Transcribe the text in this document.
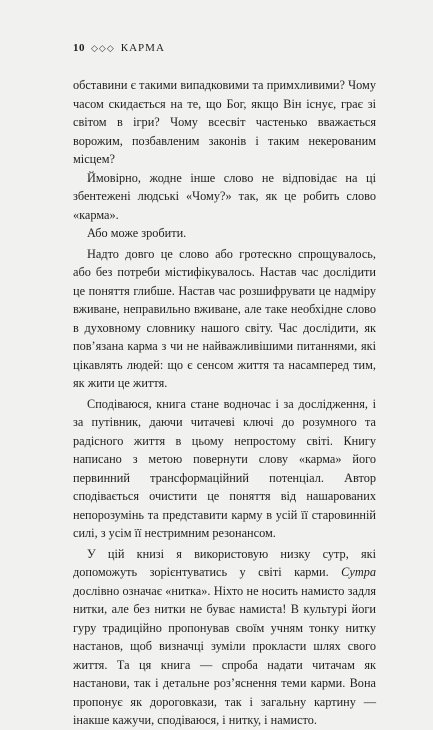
10 ◇◇◇ КАРМА

обставини є такими випадковими та примхливими? Чому часом скидається на те, що Бог, якщо Він існує, грає зі світом в ігри? Чому всесвіт частенько вважається ворожим, позбавленим законів і таким некерованим місцем?

Ймовірно, жодне інше слово не відповідає на ці збентежені людські «Чому?» так, як це робить слово «карма».

Або може зробити.

Надто довго це слово або гротескно спрощувалось, або без потреби містифікувалось. Настав час дослідити це поняття глибше. Настав час розшифрувати це надміру вживане, неправильно вживане, але таке необхідне слово в духовному словнику нашого світу. Час дослідити, як пов’язана карма з чи не найважливішими питаннями, які цікавлять людей: що є сенсом життя та насамперед тим, як жити це життя.

Сподіваюся, книга стане водночас і за дослідження, і за путівник, даючи читачеві ключі до розумного та радісного життя в цьому непростому світі. Книгу написано з метою повернути слову «карма» його первинний трансформаційний потенціал. Автор сподівається очистити це поняття від нашарованих непорозумінь та представити карму в усій її старовинній силі, з усім її нестримним резонансом.

У цій книзі я використовую низку сутр, які допоможуть зорієнтуватись у світі карми. Сутра дослівно означає «нитка». Ніхто не носить намисто задля нитки, але без нитки не буває намиста! В культурі йоги гуру традиційно пропонував своїм учням тонку нитку настанов, щоб визначці зуміли прокласти шлях свого життя. Та ця книга — спроба надати читачам як настанови, так і детальне роз’яснення теми карми. Вона пропонує як дороговкази, так і загальну картину — інакше кажучи, сподіваюся, і нитку, і намисто.
